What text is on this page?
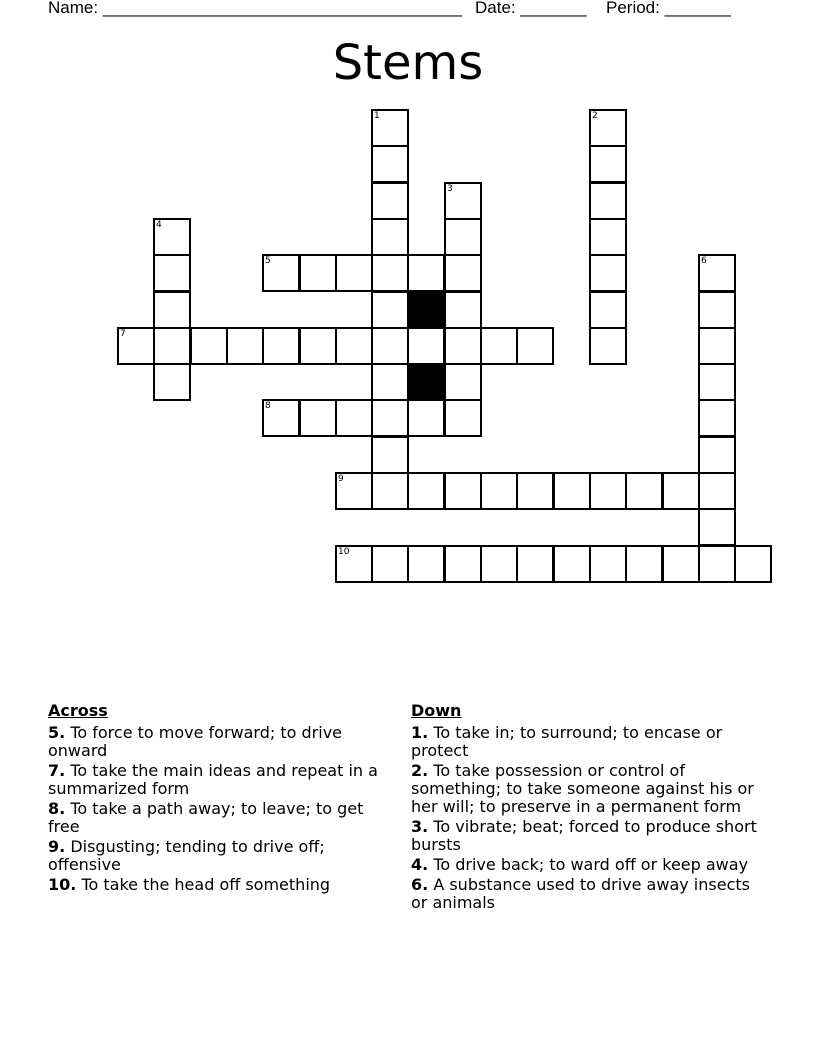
Name: ______________________________________

Date: _______

Period: _______

Stems
1	2
3
4
5	6
7
8
9
10
Across
5. To force to move forward; to drive onward
7. To take the main ideas and repeat in a summarized form
8. To take a path away; to leave; to get free
9. Disgusting; tending to drive off; offensive
10. To take the head off something
Down
1. To take in; to surround; to encase or protect
2. To take possession or control of something; to take someone against his or her will; to preserve in a permanent form
3. To vibrate; beat; forced to produce short bursts
4. To drive back; to ward off or keep away
6. A substance used to drive away insects or animals
